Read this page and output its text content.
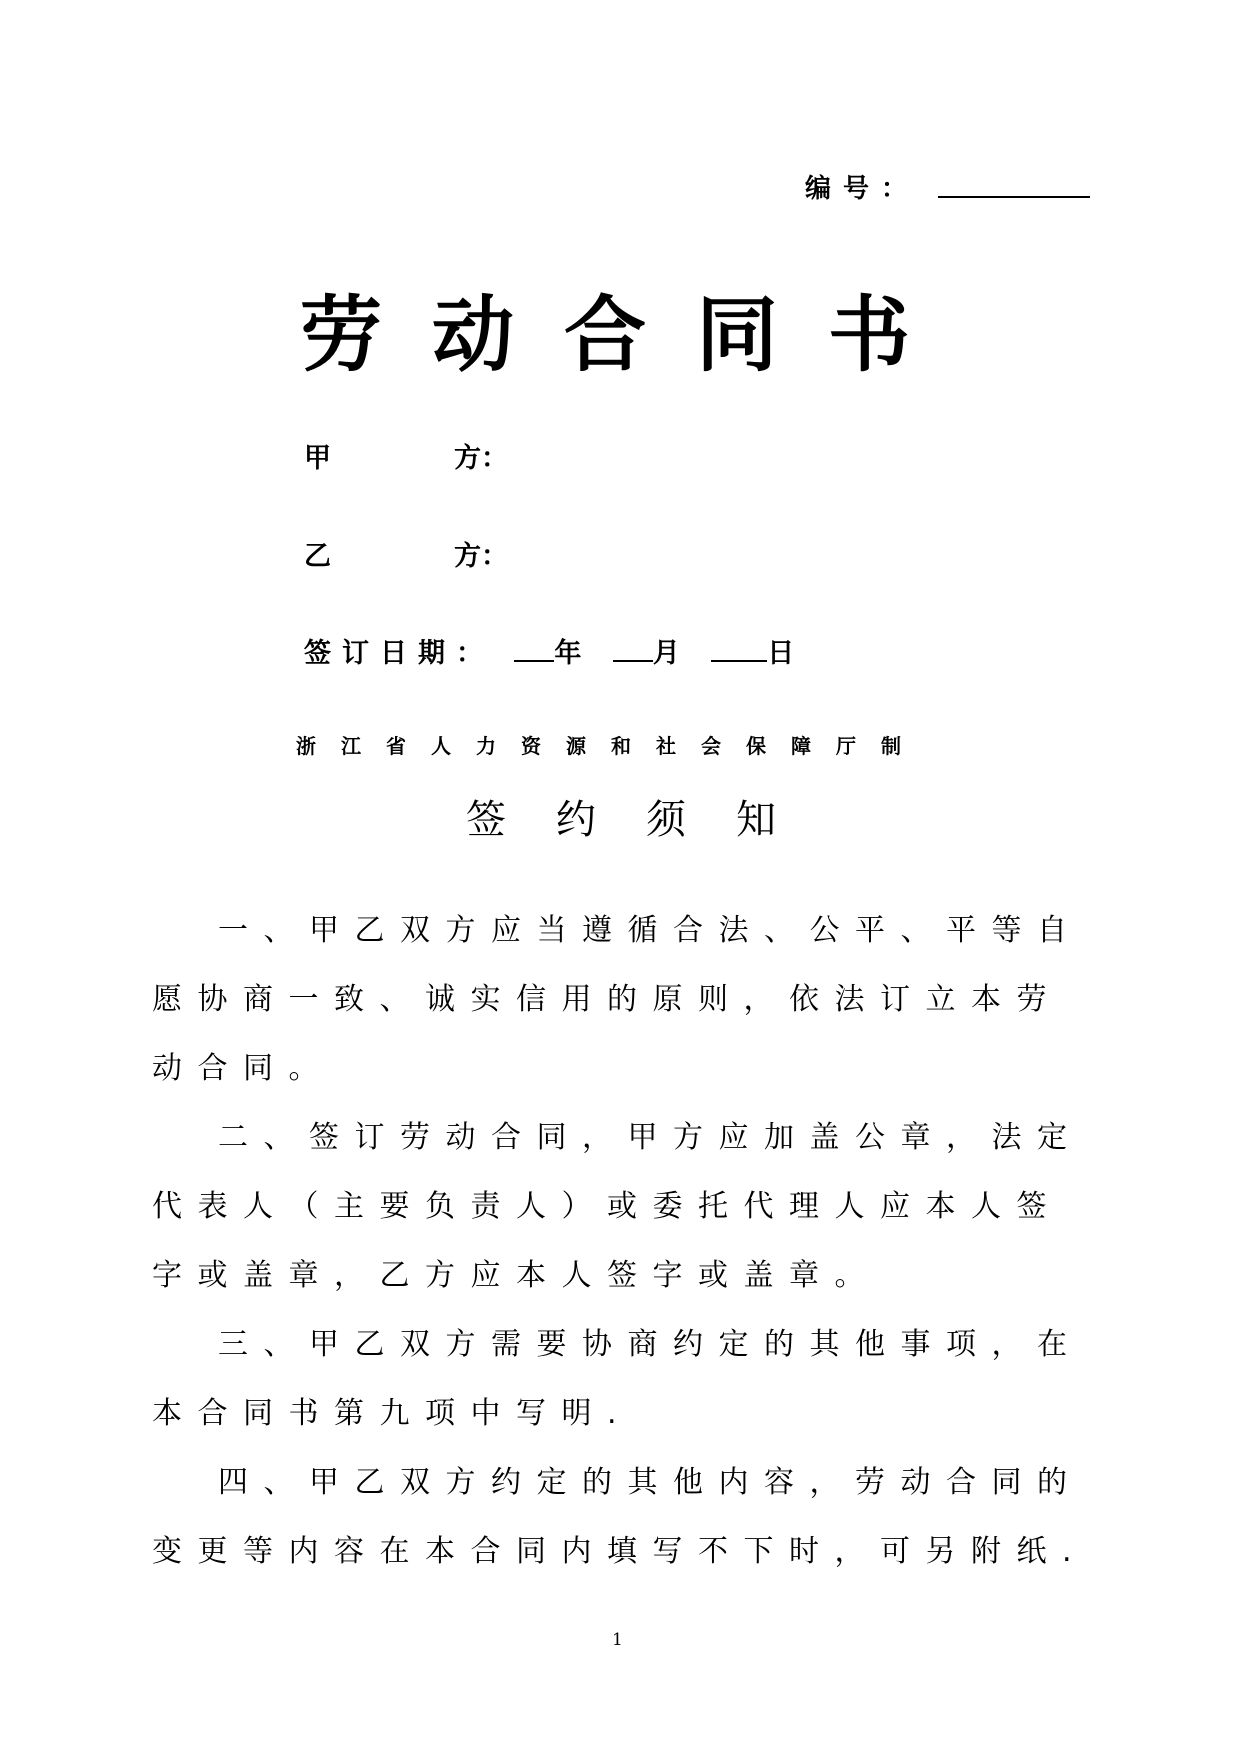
编号：
劳动合同书
甲	方：
乙	方：
签订日期： 年 月	日
浙江省人力资源和社会保障厅制
签约须知

一、甲乙双方应当遵循合法、公平、平等自愿协商一致、诚实信用的原则，依法订立本劳动合同。

二、签订劳动合同，甲方应加盖公章，法定代表人（主要负责人）或委托代理人应本人签字或盖章，乙方应本人签字或盖章。

三、甲乙双方需要协商约定的其他事项，在本合同书第九项中写明.

四、甲乙双方约定的其他内容，劳动合同的变更等内容在本合同内填写不下时，可另附纸.

1
